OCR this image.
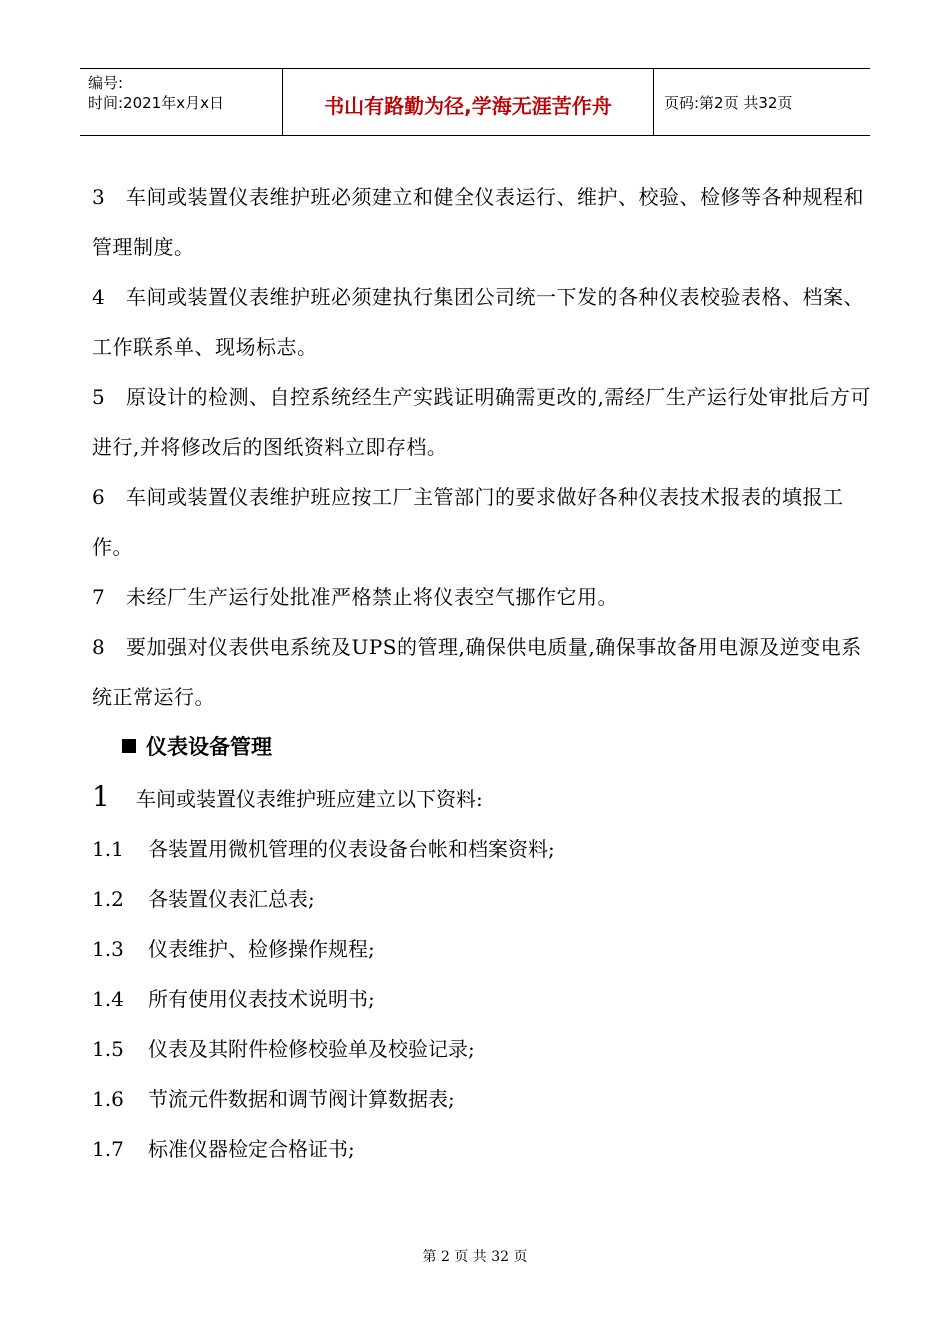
编号:
时间:2021年x月x日	书山有路勤为径,学海无涯苦作舟	页码:第2页 共32页
3 车间或装置仪表维护班必须建立和健全仪表运行、维护、校验、检修等各种规程和管理制度。
4 车间或装置仪表维护班必须建执行集团公司统一下发的各种仪表校验表格、档案、工作联系单、现场标志。
5 原设计的检测、自控系统经生产实践证明确需更改的,需经厂生产运行处审批后方可进行,并将修改后的图纸资料立即存档。
6 车间或装置仪表维护班应按工厂主管部门的要求做好各种仪表技术报表的填报工作。
7 未经厂生产运行处批准严格禁止将仪表空气挪作它用。
8 要加强对仪表供电系统及UPS的管理,确保供电质量,确保事故备用电源及逆变电系统正常运行。
仪表设备管理
1 车间或装置仪表维护班应建立以下资料:
1.1 各装置用微机管理的仪表设备台帐和档案资料;
1.2 各装置仪表汇总表;
1.3 仪表维护、检修操作规程;
1.4 所有使用仪表技术说明书;
1.5 仪表及其附件检修校验单及校验记录;
1.6 节流元件数据和调节阀计算数据表;
1.7 标准仪器检定合格证书;
第 2 页 共 32 页
